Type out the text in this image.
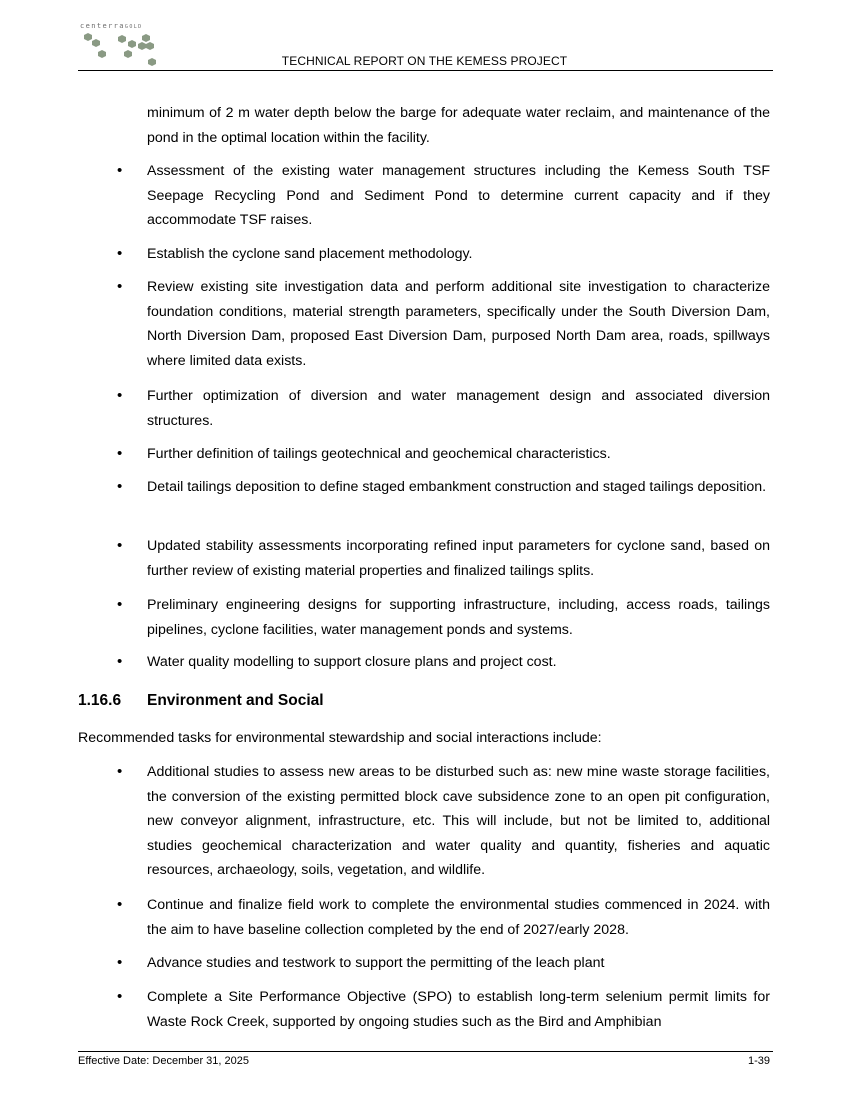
centerraGOLD
TECHNICAL REPORT ON THE KEMESS PROJECT
minimum of 2 m water depth below the barge for adequate water reclaim, and maintenance of the pond in the optimal location within the facility.
• Assessment of the existing water management structures including the Kemess South TSF Seepage Recycling Pond and Sediment Pond to determine current capacity and if they accommodate TSF raises.
• Establish the cyclone sand placement methodology.
• Review existing site investigation data and perform additional site investigation to characterize foundation conditions, material strength parameters, specifically under the South Diversion Dam, North Diversion Dam, proposed East Diversion Dam, purposed North Dam area, roads, spillways where limited data exists.
• Further optimization of diversion and water management design and associated diversion structures.
• Further definition of tailings geotechnical and geochemical characteristics.
• Detail tailings deposition to define staged embankment construction and staged tailings deposition.
• Updated stability assessments incorporating refined input parameters for cyclone sand, based on further review of existing material properties and finalized tailings splits.
• Preliminary engineering designs for supporting infrastructure, including, access roads, tailings pipelines, cyclone facilities, water management ponds and systems.
• Water quality modelling to support closure plans and project cost.
1.16.6 Environment and Social
Recommended tasks for environmental stewardship and social interactions include:
• Additional studies to assess new areas to be disturbed such as: new mine waste storage facilities, the conversion of the existing permitted block cave subsidence zone to an open pit configuration, new conveyor alignment, infrastructure, etc. This will include, but not be limited to, additional studies geochemical characterization and water quality and quantity, fisheries and aquatic resources, archaeology, soils, vegetation, and wildlife.
• Continue and finalize field work to complete the environmental studies commenced in 2024. with the aim to have baseline collection completed by the end of 2027/early 2028.
• Advance studies and testwork to support the permitting of the leach plant
• Complete a Site Performance Objective (SPO) to establish long-term selenium permit limits for Waste Rock Creek, supported by ongoing studies such as the Bird and Amphibian
Effective Date: December 31, 2025	1-39
